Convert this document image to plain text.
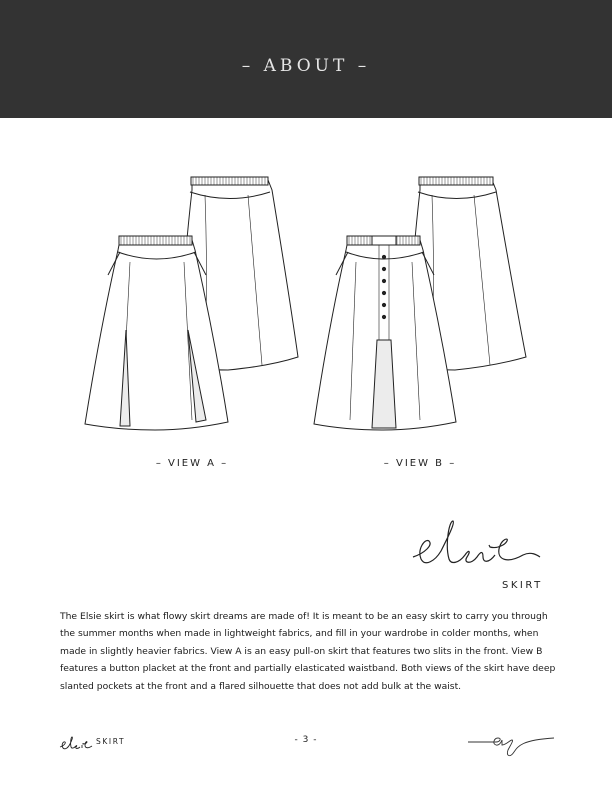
– ABOUT –
– VIEW A –	– VIEW B –
SKIRT
The Elsie skirt is what flowy skirt dreams are made of! It is meant to be an easy skirt to carry you through the summer months when made in lightweight fabrics, and fill in your wardrobe in colder months, when made in slightly heavier fabrics. View A is an easy pull-on skirt that features two slits in the front. View B features a button placket at the front and partially elasticated waistband. Both views of the skirt have deep slanted pockets at the front and a flared silhouette that does not add bulk at the waist.
SKIRT	- 3 -
